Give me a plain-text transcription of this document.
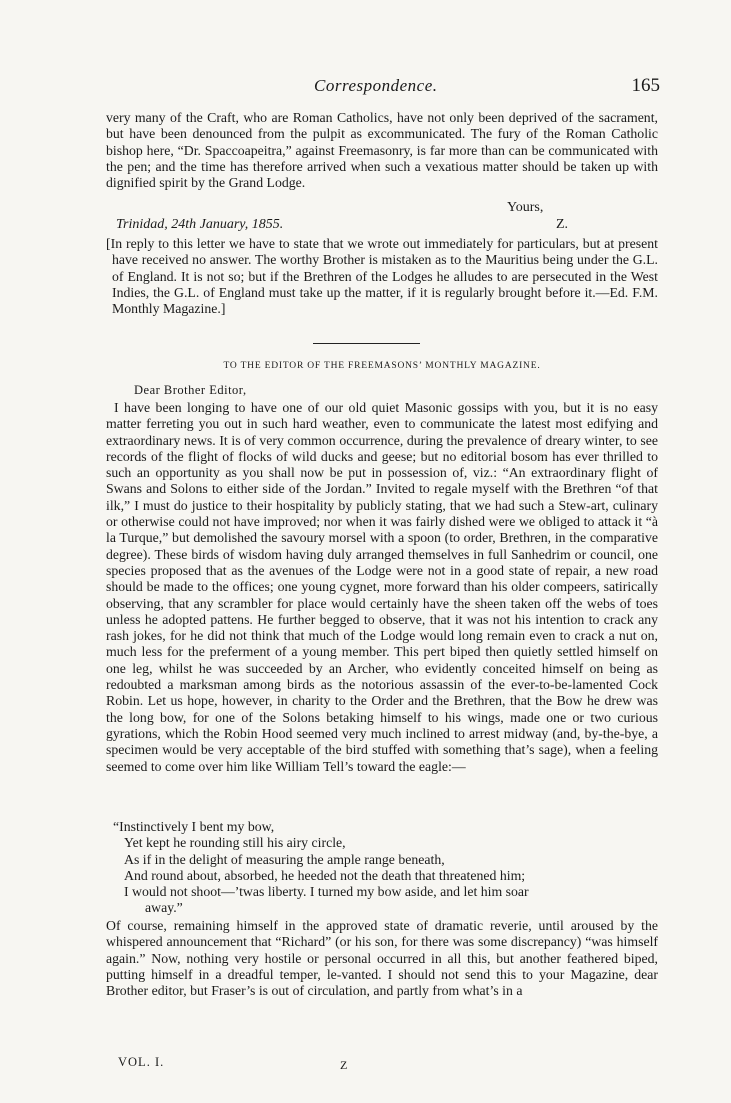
Correspondence.	165
very many of the Craft, who are Roman Catholics, have not only been deprived of the sacrament, but have been denounced from the pulpit as excommunicated. The fury of the Roman Catholic bishop here, “Dr. Spaccoapeitra,” against Freemasonry, is far more than can be communicated with the pen; and the time has therefore arrived when such a vexatious matter should be taken up with dignified spirit by the Grand Lodge.
Yours,
Trinidad, 24th January, 1855.	Z.
[In reply to this letter we have to state that we wrote out immediately for particulars, but at present have received no answer. The worthy Brother is mistaken as to the Mauritius being under the G.L. of England. It is not so; but if the Brethren of the Lodges he alludes to are persecuted in the West Indies, the G.L. of England must take up the matter, if it is regularly brought before it.—Ed. F.M. Monthly Magazine.]
TO THE EDITOR OF THE FREEMASONS’ MONTHLY MAGAZINE.
Dear Brother Editor,
I have been longing to have one of our old quiet Masonic gossips with you, but it is no easy matter ferreting you out in such hard weather, even to communicate the latest most edifying and extraordinary news. It is of very common occurrence, during the prevalence of dreary winter, to see records of the flight of flocks of wild ducks and geese; but no editorial bosom has ever thrilled to such an opportunity as you shall now be put in possession of, viz.: “An extraordinary flight of Swans and Solons to either side of the Jordan.” Invited to regale myself with the Brethren “of that ilk,” I must do justice to their hospitality by publicly stating, that we had such a Stew-art, culinary or otherwise could not have improved; nor when it was fairly dished were we obliged to attack it “à la Turque,” but demolished the savoury morsel with a spoon (to order, Brethren, in the comparative degree). These birds of wisdom having duly arranged themselves in full Sanhedrim or council, one species proposed that as the avenues of the Lodge were not in a good state of repair, a new road should be made to the offices; one young cygnet, more forward than his older compeers, satirically observing, that any scrambler for place would certainly have the sheen taken off the webs of toes unless he adopted pattens. He further begged to observe, that it was not his intention to crack any rash jokes, for he did not think that much of the Lodge would long remain even to crack a nut on, much less for the preferment of a young member. This pert biped then quietly settled himself on one leg, whilst he was succeeded by an Archer, who evidently conceited himself on being as redoubted a marksman among birds as the notorious assassin of the ever-to-be-lamented Cock Robin. Let us hope, however, in charity to the Order and the Brethren, that the Bow he drew was the long bow, for one of the Solons betaking himself to his wings, made one or two curious gyrations, which the Robin Hood seemed very much inclined to arrest midway (and, by-the-bye, a specimen would be very acceptable of the bird stuffed with something that’s sage), when a feeling seemed to come over him like William Tell’s toward the eagle:—
“Instinctively I bent my bow,
Yet kept he rounding still his airy circle,
As if in the delight of measuring the ample range beneath,
And round about, absorbed, he heeded not the death that threatened him;
I would not shoot—’twas liberty. I turned my bow aside, and let him soar
away.”
Of course, remaining himself in the approved state of dramatic reverie, until aroused by the whispered announcement that “Richard” (or his son, for there was some discrepancy) “was himself again.” Now, nothing very hostile or personal occurred in all this, but another feathered biped, putting himself in a dreadful temper, le-vanted. I should not send this to your Magazine, dear Brother editor, but Fraser’s is out of circulation, and partly from what’s in a
VOL. I.	Z
